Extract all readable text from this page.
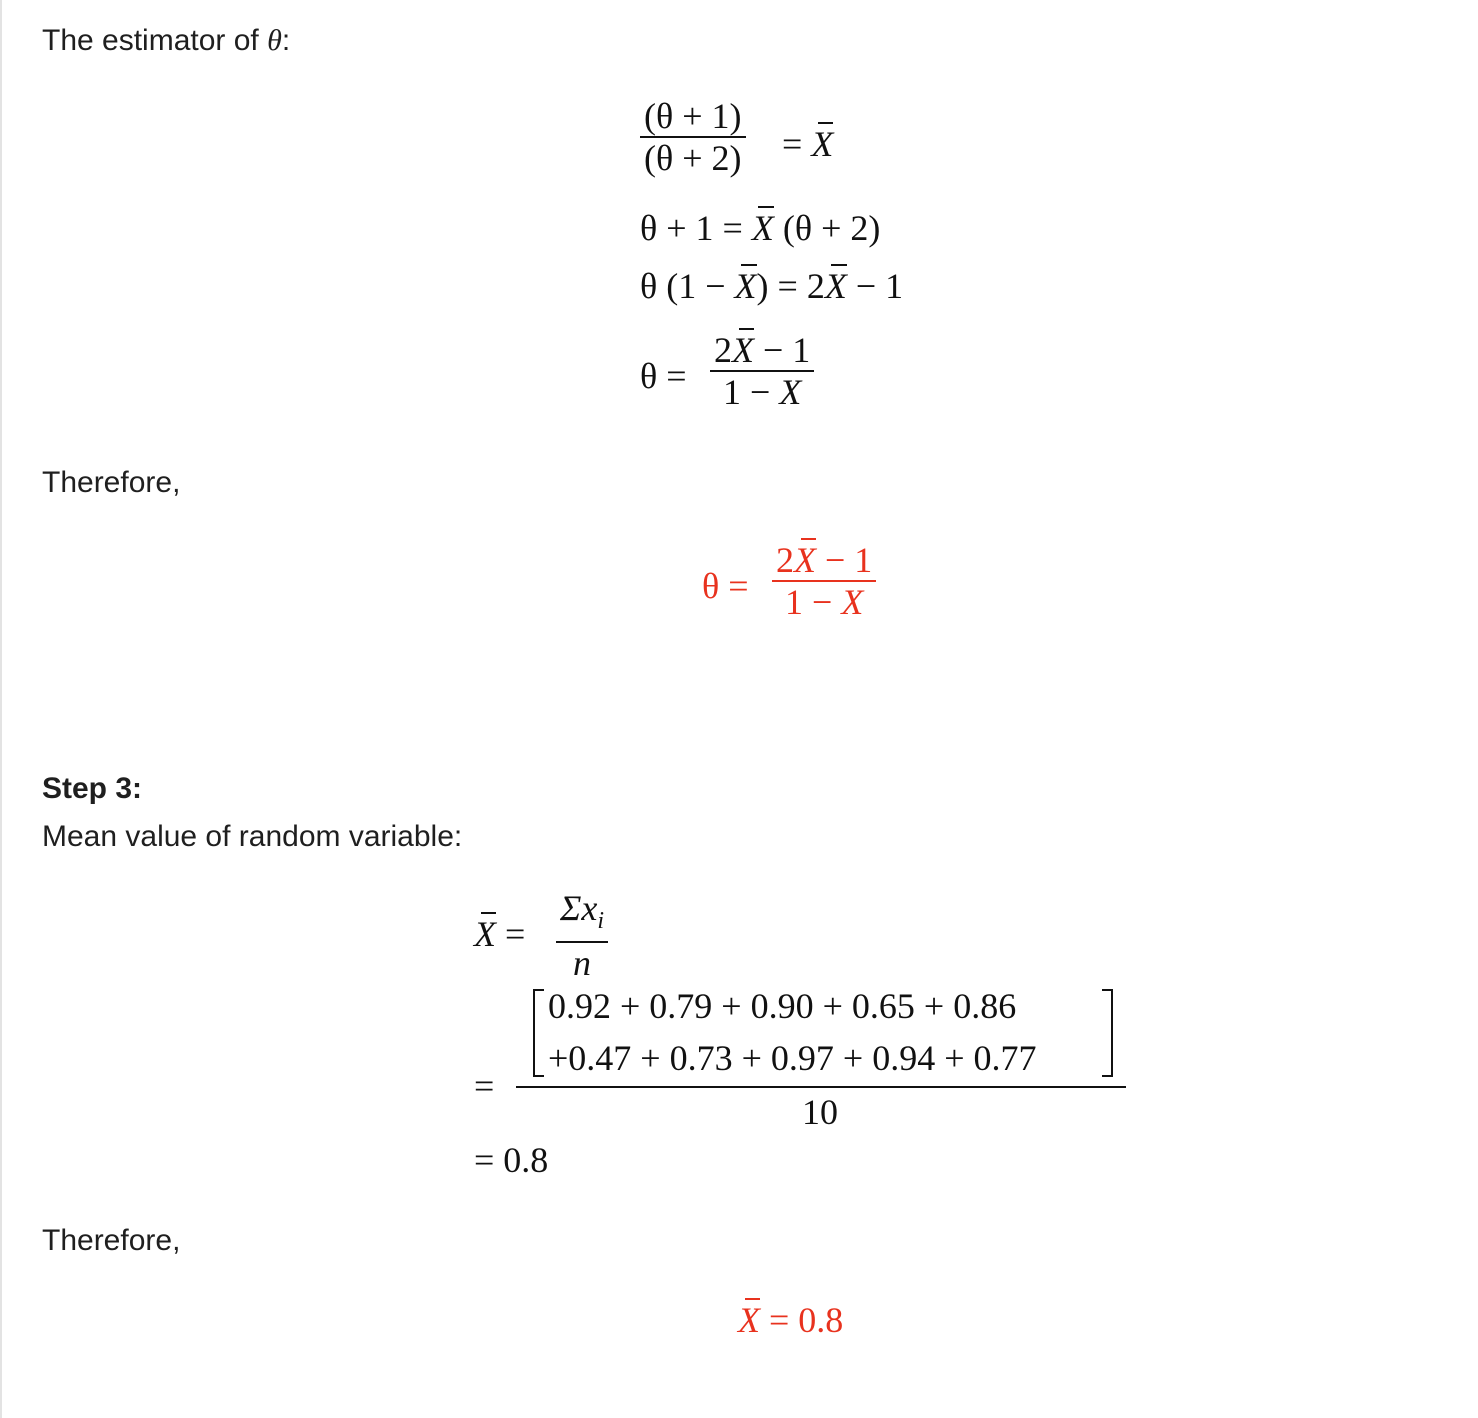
The estimator of θ:
(θ + 1)
(θ + 2) = X
θ + 1 = X (θ + 2)
θ (1 − X) = 2X − 1
θ =
2X − 1
1 − X
Therefore,
θ =
2X − 1
1 − X
Step 3:
Mean value of random variable:
X =
$\Sigma x_i$
n
=
0.92 + 0.79 + 0.90 + 0.65 + 0.86
+0.47 + 0.73 + 0.97 + 0.94 + 0.77
10
= 0.8
Therefore,
X = 0.8
